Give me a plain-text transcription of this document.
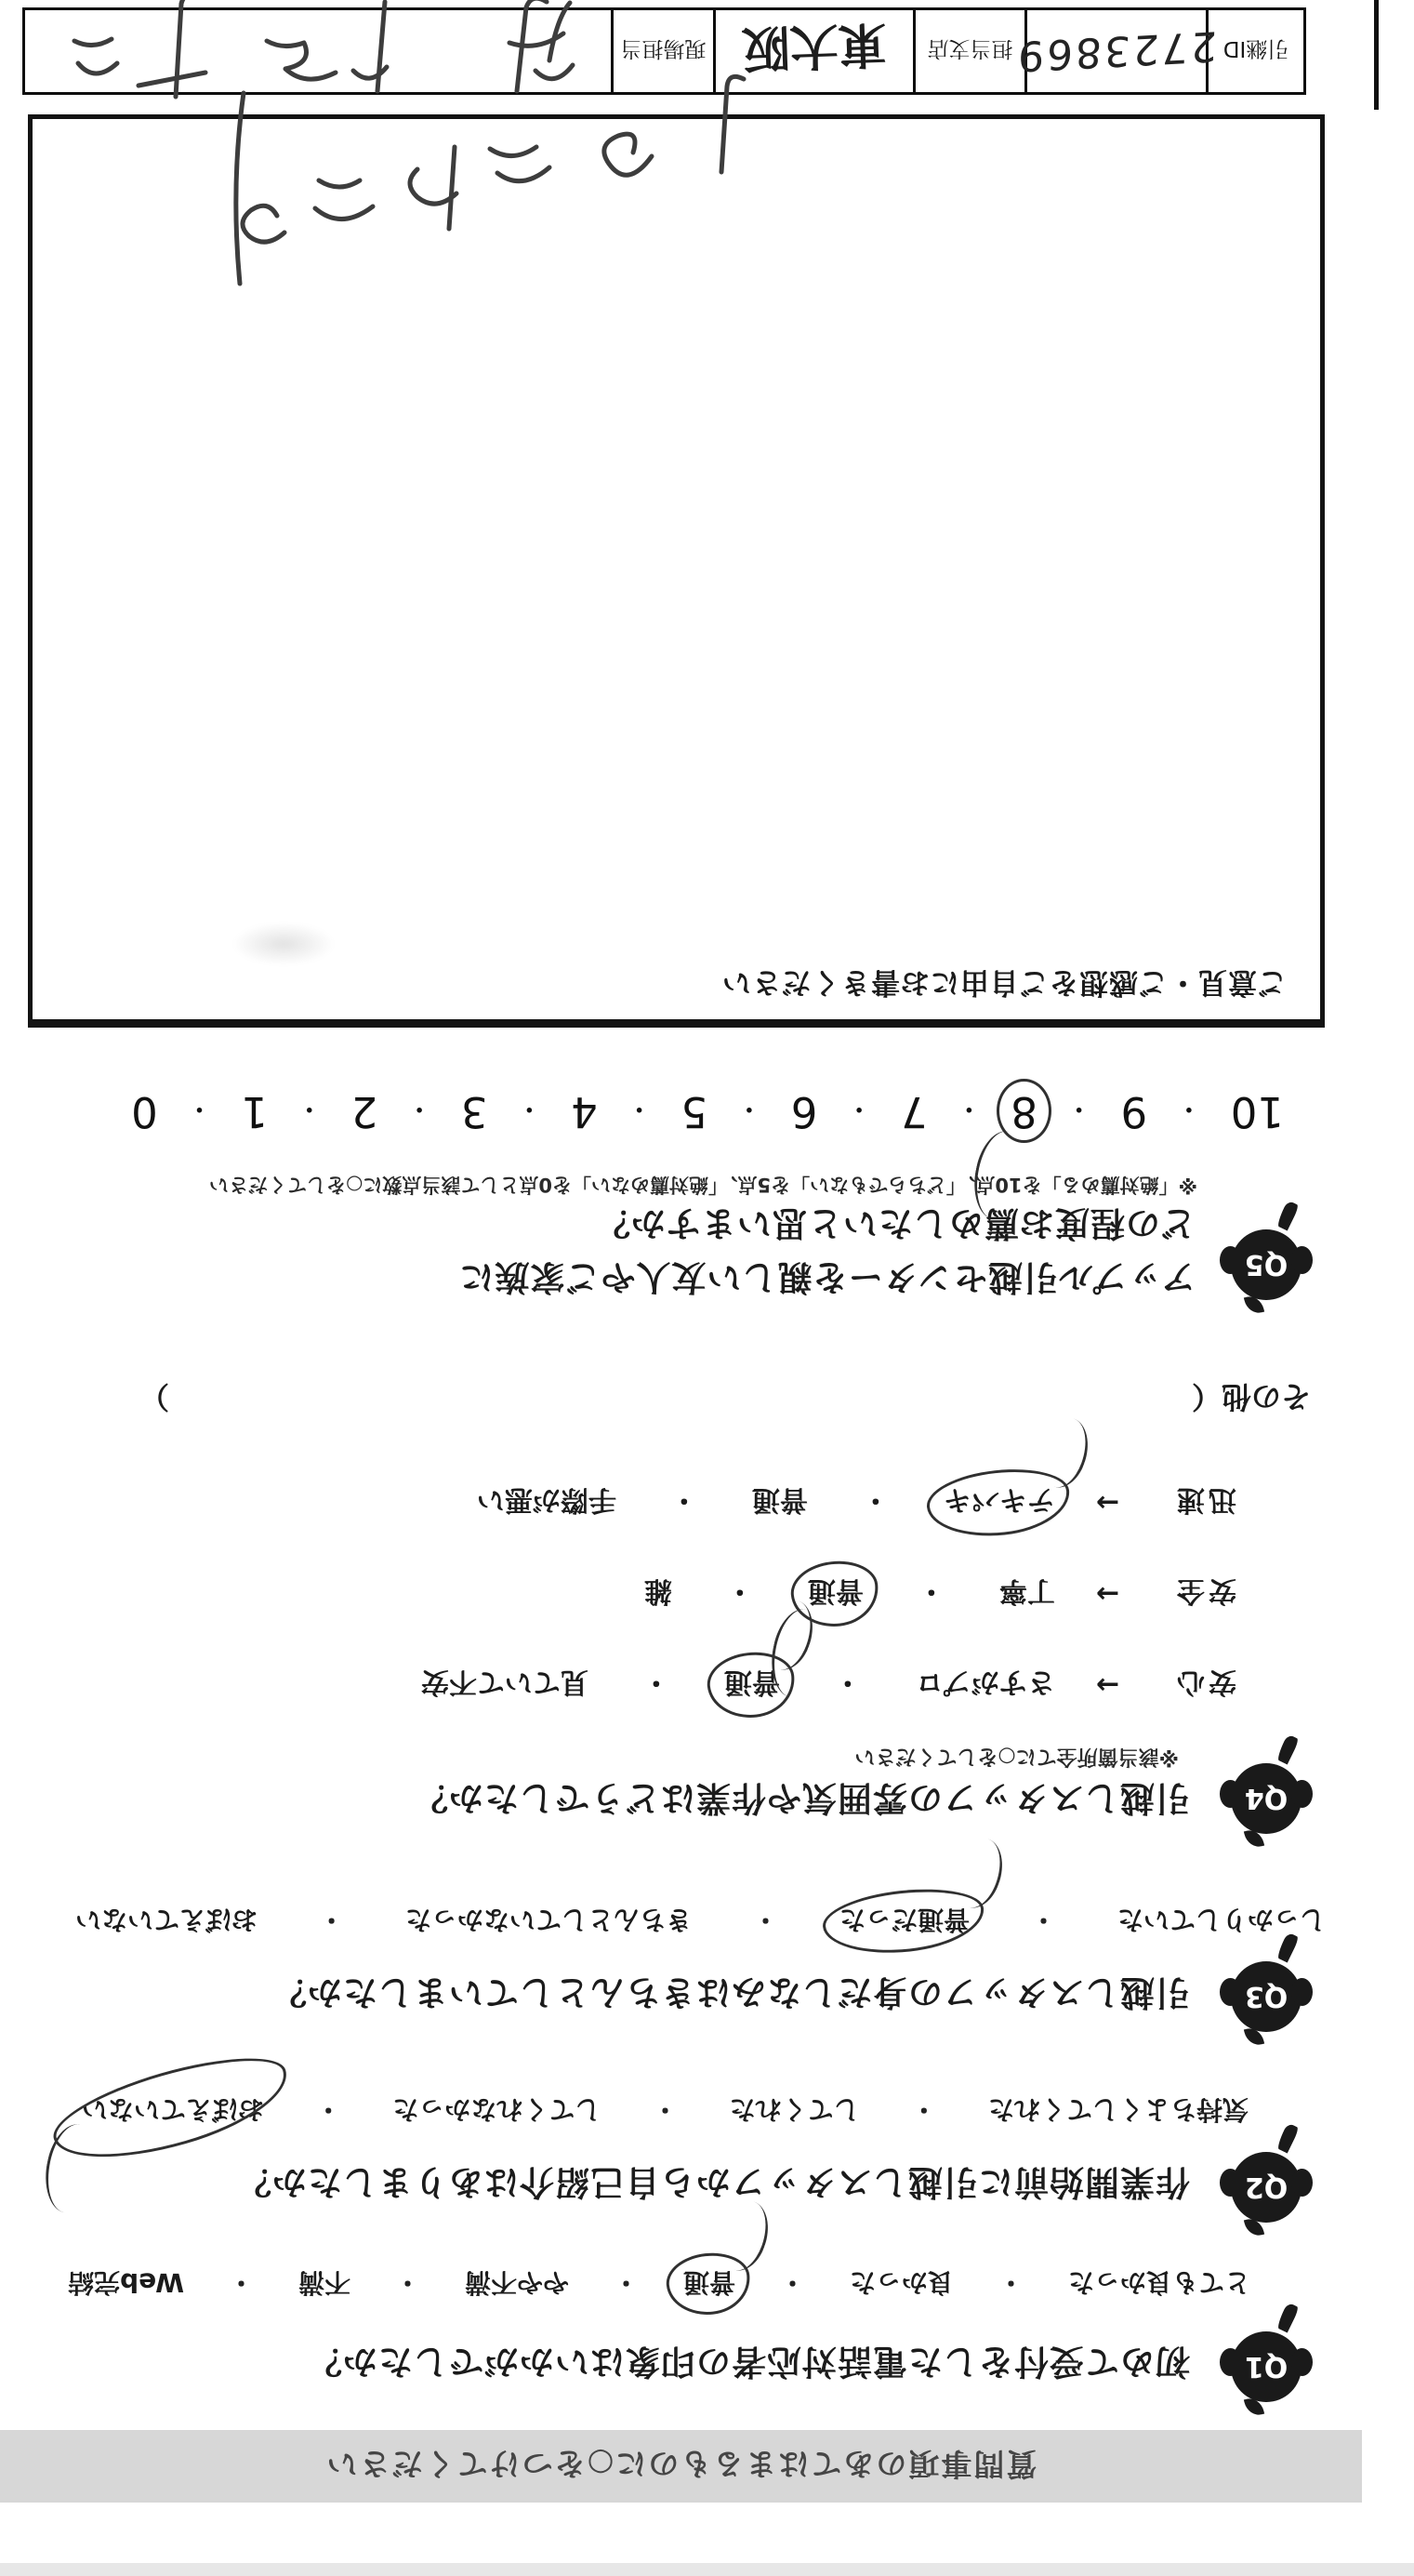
質問事項のあてはまるものに○をつけてください
Q1
初めて受付をした電話対応者の印象はいかがでしたか？
とても良かった
・
良かった
・
普通
・
やや不満
・
不満
・
Web完結
Q2
作業開始前に引越しスタッフから自己紹介はありましたか？
気持ちよくしてくれた
・
してくれた
・
してくれなかった
・
おぼえていない
Q3
引越しスタッフの身だしなみはきちんとしていましたか？
しっかりしていた
・
普通だった
・
きちんとしていなかった
・
おぼえていない
Q4
引越しスタッフの雰囲気や作業はどうでしたか？
※該当箇所全てに○をしてください
安心
→
さすがプロ
・
普通
・
見ていて不安
安全
→
丁寧
・
普通
・
雑
迅速
→
テキパキ
・
普通
・
手際が悪い
その他
（
）
Q5
アップル引越センターを親しい友人やご家族に
どの程度お薦めしたいと思いますか？
※「絶対薦める」を10点、「どちらでもない」を5点、「絶対薦めない」を0点として該当点数に○をしてください
10
・
9
・
8
・
7
・
6
・
5
・
4
・
3
・
2
・
1
・
0
ご意見・ご感想をご自由にお書きください
引継ID
2723869
担当支店
東大阪
現場担当
